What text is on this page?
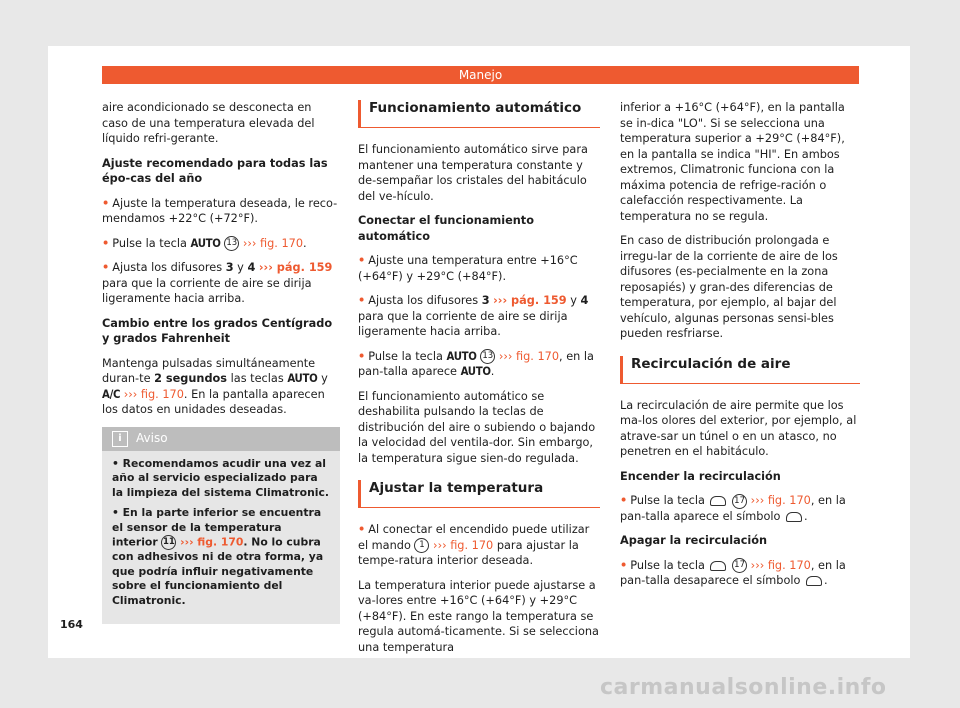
Manejo

aire acondicionado se desconecta en caso de una temperatura elevada del líquido refri-gerante.

Ajuste recomendado para todas las épo-cas del año

• Ajuste la temperatura deseada, le reco-mendamos +22°C (+72°F).

• Pulse la tecla AUTO 13 ››› fig. 170.

• Ajusta los difusores 3 y 4 ››› pág. 159 para que la corriente de aire se dirija ligeramente hacia arriba.

Cambio entre los grados Centígrado y grados Fahrenheit

Mantenga pulsadas simultáneamente duran-te 2 segundos las teclas AUTO y A/C ››› fig. 170. En la pantalla aparecen los datos en unidades deseadas.

i	Aviso

• Recomendamos acudir una vez al año al servicio especializado para la limpieza del sistema Climatronic.

• En la parte inferior se encuentra el sensor de la temperatura interior 11 ››› fig. 170. No lo cubra con adhesivos ni de otra forma, ya que podría influir negativamente sobre el funcionamiento del Climatronic.

Funcionamiento automático

El funcionamiento automático sirve para mantener una temperatura constante y de-sempañar los cristales del habitáculo del ve-hículo.

Conectar el funcionamiento automático

• Ajuste una temperatura entre +16°C (+64°F) y +29°C (+84°F).

• Ajusta los difusores 3 ››› pág. 159 y 4 para que la corriente de aire se dirija ligeramente hacia arriba.

• Pulse la tecla AUTO 13 ››› fig. 170, en la pan-talla aparece AUTO.

El funcionamiento automático se deshabilita pulsando la teclas de distribución del aire o subiendo o bajando la velocidad del ventila-dor. Sin embargo, la temperatura sigue sien-do regulada.

Ajustar la temperatura

• Al conectar el encendido puede utilizar el mando 1 ››› fig. 170 para ajustar la tempe-ratura interior deseada.

La temperatura interior puede ajustarse a va-lores entre +16°C (+64°F) y +29°C (+84°F). En este rango la temperatura se regula automá-ticamente. Si se selecciona una temperatura

inferior a +16°C (+64°F), en la pantalla se in-dica "LO". Si se selecciona una temperatura superior a +29°C (+84°F), en la pantalla se indica "HI". En ambos extremos, Climatronic funciona con la máxima potencia de refrige-ración o calefacción respectivamente. La temperatura no se regula.

En caso de distribución prolongada e irregu-lar de la corriente de aire de los difusores (es-pecialmente en la zona reposapiés) y gran-des diferencias de temperatura, por ejemplo, al bajar del vehículo, algunas personas sensi-bles pueden resfriarse.

Recirculación de aire

La recirculación de aire permite que los ma-los olores del exterior, por ejemplo, al atrave-sar un túnel o en un atasco, no penetren en el habitáculo.

Encender la recirculación

• Pulse la tecla	17 ››› fig. 170, en la pan-talla aparece el símbolo .

Apagar la recirculación

• Pulse la tecla	17 ››› fig. 170, en la pan-talla desaparece el símbolo .

164
carmanualsonline.info
